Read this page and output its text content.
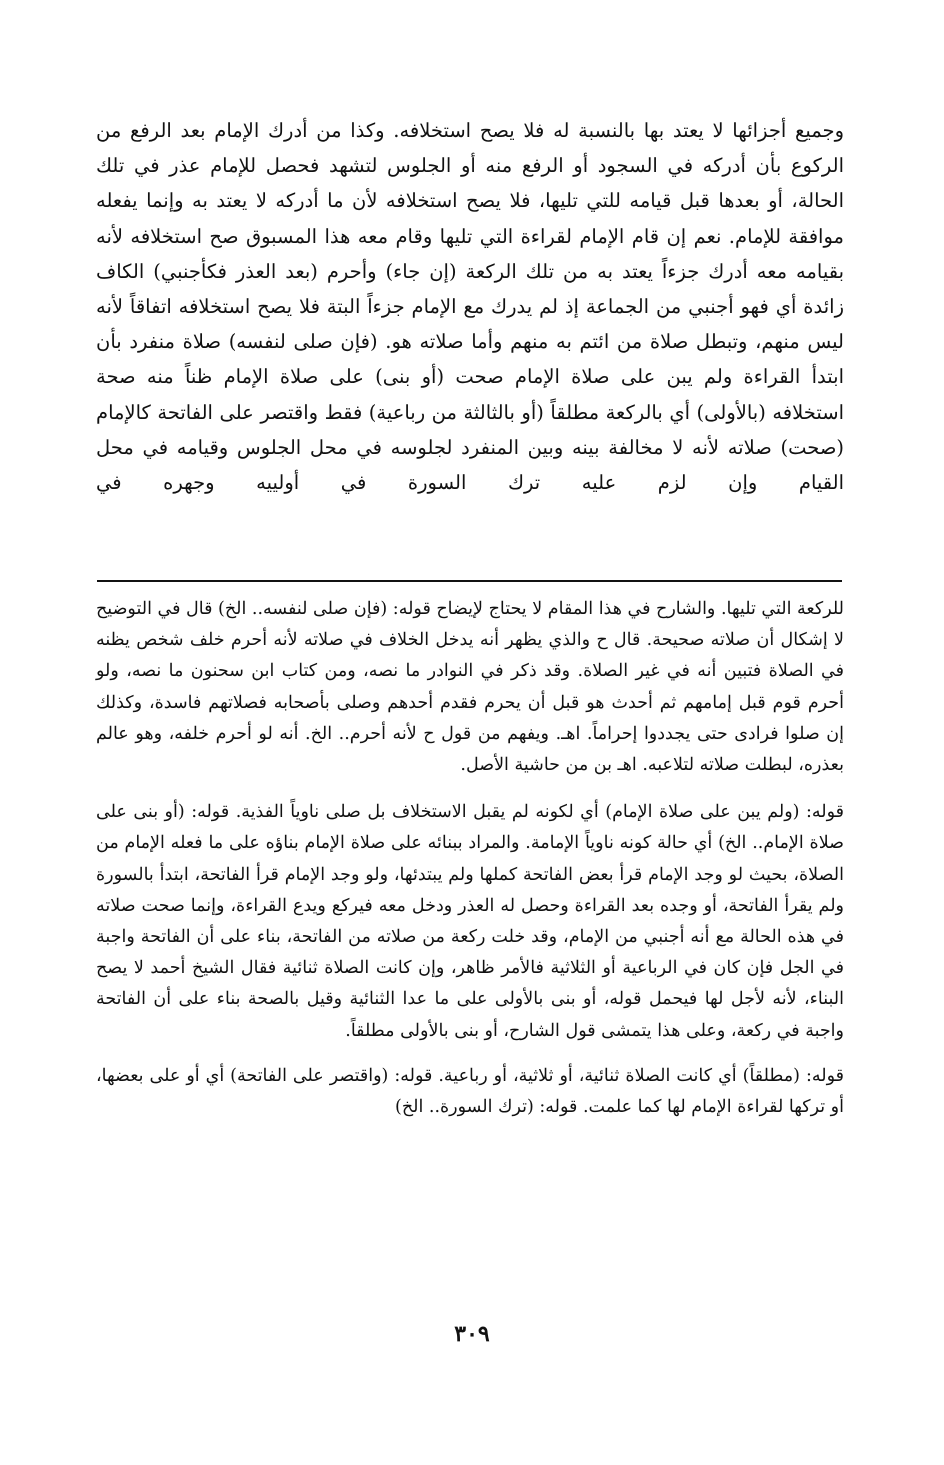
وجميع أجزائها لا يعتد بها بالنسبة له فلا يصح استخلافه. وكذا من أدرك الإمام بعد الرفع من الركوع بأن أدركه في السجود أو الرفع منه أو الجلوس لتشهد فحصل للإمام عذر في تلك الحالة، أو بعدها قبل قيامه للتي تليها، فلا يصح استخلافه لأن ما أدركه لا يعتد به وإنما يفعله موافقة للإمام. نعم إن قام الإمام لقراءة التي تليها وقام معه هذا المسبوق صح استخلافه لأنه بقيامه معه أدرك جزءاً يعتد به من تلك الركعة (إن جاء) وأحرم (بعد العذر فكأجنبي) الكاف زائدة أي فهو أجنبي من الجماعة إذ لم يدرك مع الإمام جزءاً البتة فلا يصح استخلافه اتفاقاً لأنه ليس منهم، وتبطل صلاة من ائتم به منهم وأما صلاته هو. (فإن صلى لنفسه) صلاة منفرد بأن ابتدأ القراءة ولم يبن على صلاة الإمام صحت (أو بنى) على صلاة الإمام ظناً منه صحة استخلافه (بالأولى) أي بالركعة مطلقاً (أو بالثالثة من رباعية) فقط واقتصر على الفاتحة كالإمام (صحت) صلاته لأنه لا مخالفة بينه وبين المنفرد لجلوسه في محل الجلوس وقيامه في محل القيام وإن لزم عليه ترك السورة في أولييه وجهره في

للركعة التي تليها. والشارح في هذا المقام لا يحتاج لإيضاح قوله: (فإن صلى لنفسه.. الخ) قال في التوضيح لا إشكال أن صلاته صحيحة. قال ح والذي يظهر أنه يدخل الخلاف في صلاته لأنه أحرم خلف شخص يظنه في الصلاة فتبين أنه في غير الصلاة. وقد ذكر في النوادر ما نصه، ومن كتاب ابن سحنون ما نصه، ولو أحرم قوم قبل إمامهم ثم أحدث هو قبل أن يحرم فقدم أحدهم وصلى بأصحابه فصلاتهم فاسدة، وكذلك إن صلوا فرادى حتى يجددوا إحراماً. اهـ. ويفهم من قول ح لأنه أحرم.. الخ. أنه لو أحرم خلفه، وهو عالم بعذره، لبطلت صلاته لتلاعبه. اهـ بن من حاشية الأصل.

قوله: (ولم يبن على صلاة الإمام) أي لكونه لم يقبل الاستخلاف بل صلى ناوياً الفذية. قوله: (أو بنى على صلاة الإمام.. الخ) أي حالة كونه ناوياً الإمامة. والمراد ببنائه على صلاة الإمام بناؤه على ما فعله الإمام من الصلاة، بحيث لو وجد الإمام قرأ بعض الفاتحة كملها ولم يبتدئها، ولو وجد الإمام قرأ الفاتحة، ابتدأ بالسورة ولم يقرأ الفاتحة، أو وجده بعد القراءة وحصل له العذر ودخل معه فيركع ويدع القراءة، وإنما صحت صلاته في هذه الحالة مع أنه أجنبي من الإمام، وقد خلت ركعة من صلاته من الفاتحة، بناء على أن الفاتحة واجبة في الجل فإن كان في الرباعية أو الثلاثية فالأمر ظاهر، وإن كانت الصلاة ثنائية فقال الشيخ أحمد لا يصح البناء، لأنه لأجل لها فيحمل قوله، أو بنى بالأولى على ما عدا الثنائية وقيل بالصحة بناء على أن الفاتحة واجبة في ركعة، وعلى هذا يتمشى قول الشارح، أو بنى بالأولى مطلقاً.

قوله: (مطلقاً) أي كانت الصلاة ثنائية، أو ثلاثية، أو رباعية. قوله: (واقتصر على الفاتحة) أي أو على بعضها، أو تركها لقراءة الإمام لها كما علمت. قوله: (ترك السورة.. الخ)

٣٠٩
